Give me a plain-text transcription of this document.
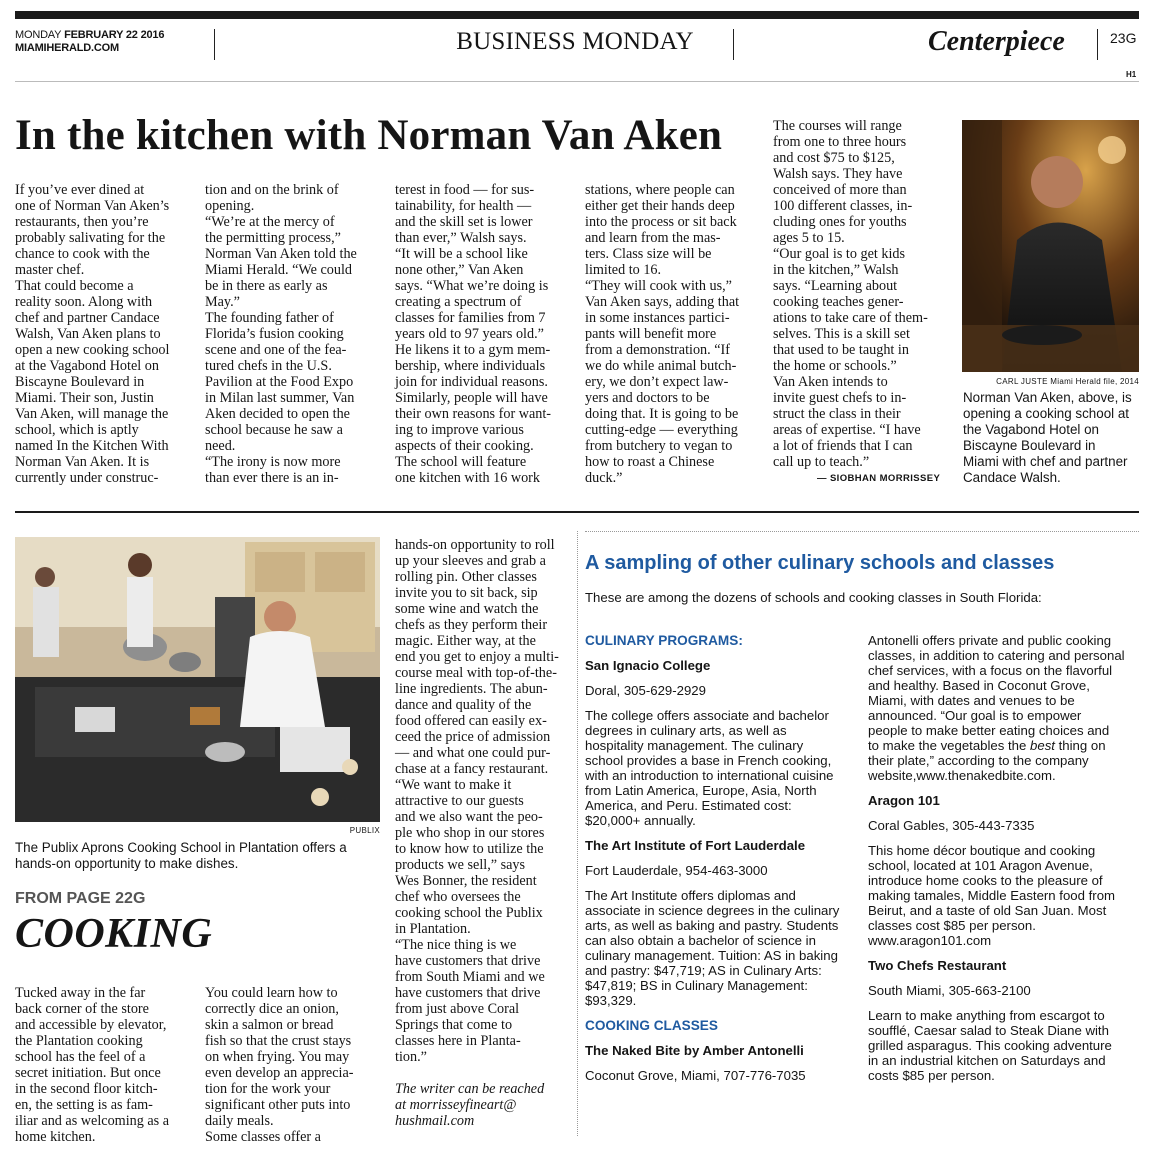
MONDAY FEBRUARY 22 2016
MIAMIHERALD.COM	BUSINESS MONDAY	Centerpiece	23G
H1
In the kitchen with Norman Van Aken
If you’ve ever dined at
one of Norman Van Aken’s
restaurants, then you’re
probably salivating for the
chance to cook with the
master chef.
That could become a
reality soon. Along with
chef and partner Candace
Walsh, Van Aken plans to
open a new cooking school
at the Vagabond Hotel on
Biscayne Boulevard in
Miami. Their son, Justin
Van Aken, will manage the
school, which is aptly
named In the Kitchen With
Norman Van Aken. It is
currently under construc-
tion and on the brink of
opening.
“We’re at the mercy of
the permitting process,”
Norman Van Aken told the
Miami Herald. “We could
be in there as early as
May.”
The founding father of
Florida’s fusion cooking
scene and one of the fea-
tured chefs in the U.S.
Pavilion at the Food Expo
in Milan last summer, Van
Aken decided to open the
school because he saw a
need.
“The irony is now more
than ever there is an in-
terest in food — for sus-
tainability, for health —
and the skill set is lower
than ever,” Walsh says.
“It will be a school like
none other,” Van Aken
says. “What we’re doing is
creating a spectrum of
classes for families from 7
years old to 97 years old.”
He likens it to a gym mem-
bership, where individuals
join for individual reasons.
Similarly, people will have
their own reasons for want-
ing to improve various
aspects of their cooking.
The school will feature
one kitchen with 16 work
stations, where people can
either get their hands deep
into the process or sit back
and learn from the mas-
ters. Class size will be
limited to 16.
“They will cook with us,”
Van Aken says, adding that
in some instances partici-
pants will benefit more
from a demonstration. “If
we do while animal butch-
ery, we don’t expect law-
yers and doctors to be
doing that. It is going to be
cutting-edge — everything
from butchery to vegan to
how to roast a Chinese
duck.”
The courses will range
from one to three hours
and cost $75 to $125,
Walsh says. They have
conceived of more than
100 different classes, in-
cluding ones for youths
ages 5 to 15.
“Our goal is to get kids
in the kitchen,” Walsh
says. “Learning about
cooking teaches gener-
ations to take care of them-
selves. This is a skill set
that used to be taught in
the home or schools.”
Van Aken intends to
invite guest chefs to in-
struct the class in their
areas of expertise. “I have
a lot of friends that I can
call up to teach.”
— SIOBHAN MORRISSEY
CARL JUSTE Miami Herald file, 2014
Norman Van Aken, above, is
opening a cooking school at
the Vagabond Hotel on
Biscayne Boulevard in
Miami with chef and partner
Candace Walsh.
PUBLIX
The Publix Aprons Cooking School in Plantation offers a
hands-on opportunity to make dishes.
FROM PAGE 22G
COOKING
Tucked away in the far
back corner of the store
and accessible by elevator,
the Plantation cooking
school has the feel of a
secret initiation. But once
in the second floor kitch-
en, the setting is as fam-
iliar and as welcoming as a
home kitchen.
You could learn how to
correctly dice an onion,
skin a salmon or bread
fish so that the crust stays
on when frying. You may
even develop an apprecia-
tion for the work your
significant other puts into
daily meals.
Some classes offer a
hands-on opportunity to roll
up your sleeves and grab a
rolling pin. Other classes
invite you to sit back, sip
some wine and watch the
chefs as they perform their
magic. Either way, at the
end you get to enjoy a multi-
course meal with top-of-the-
line ingredients. The abun-
dance and quality of the
food offered can easily ex-
ceed the price of admission
— and what one could pur-
chase at a fancy restaurant.
“We want to make it
attractive to our guests
and we also want the peo-
ple who shop in our stores
to know how to utilize the
products we sell,” says
Wes Bonner, the resident
chef who oversees the
cooking school the Publix
in Plantation.
“The nice thing is we
have customers that drive
from South Miami and we
have customers that drive
from just above Coral
Springs that come to
classes here in Planta-
tion.”
The writer can be reached
at morrisseyfineart@
hushmail.com
A sampling of other culinary schools and classes
These are among the dozens of schools and cooking classes in South Florida:
CULINARY PROGRAMS:
San Ignacio College
Doral, 305-629-2929
The college offers associate and bachelor
degrees in culinary arts, as well as
hospitality management. The culinary
school provides a base in French cooking,
with an introduction to international cuisine
from Latin America, Europe, Asia, North
America, and Peru. Estimated cost:
$20,000+ annually.
The Art Institute of Fort Lauderdale
Fort Lauderdale, 954-463-3000
The Art Institute offers diplomas and
associate in science degrees in the culinary
arts, as well as baking and pastry. Students
can also obtain a bachelor of science in
culinary management. Tuition: AS in baking
and pastry: $47,719; AS in Culinary Arts:
$47,819; BS in Culinary Management:
$93,329.
COOKING CLASSES
The Naked Bite by Amber Antonelli
Coconut Grove, Miami, 707-776-7035
Antonelli offers private and public cooking
classes, in addition to catering and personal
chef services, with a focus on the flavorful
and healthy. Based in Coconut Grove,
Miami, with dates and venues to be
announced. “Our goal is to empower
people to make better eating choices and
to make the vegetables the best thing on
their plate,” according to the company
website,www.thenakedbite.com.
Aragon 101
Coral Gables, 305-443-7335
This home décor boutique and cooking
school, located at 101 Aragon Avenue,
introduce home cooks to the pleasure of
making tamales, Middle Eastern food from
Beirut, and a taste of old San Juan. Most
classes cost $85 per person.
www.aragon101.com
Two Chefs Restaurant
South Miami, 305-663-2100
Learn to make anything from escargot to
soufflé, Caesar salad to Steak Diane with
grilled asparagus. This cooking adventure
in an industrial kitchen on Saturdays and
costs $85 per person.
